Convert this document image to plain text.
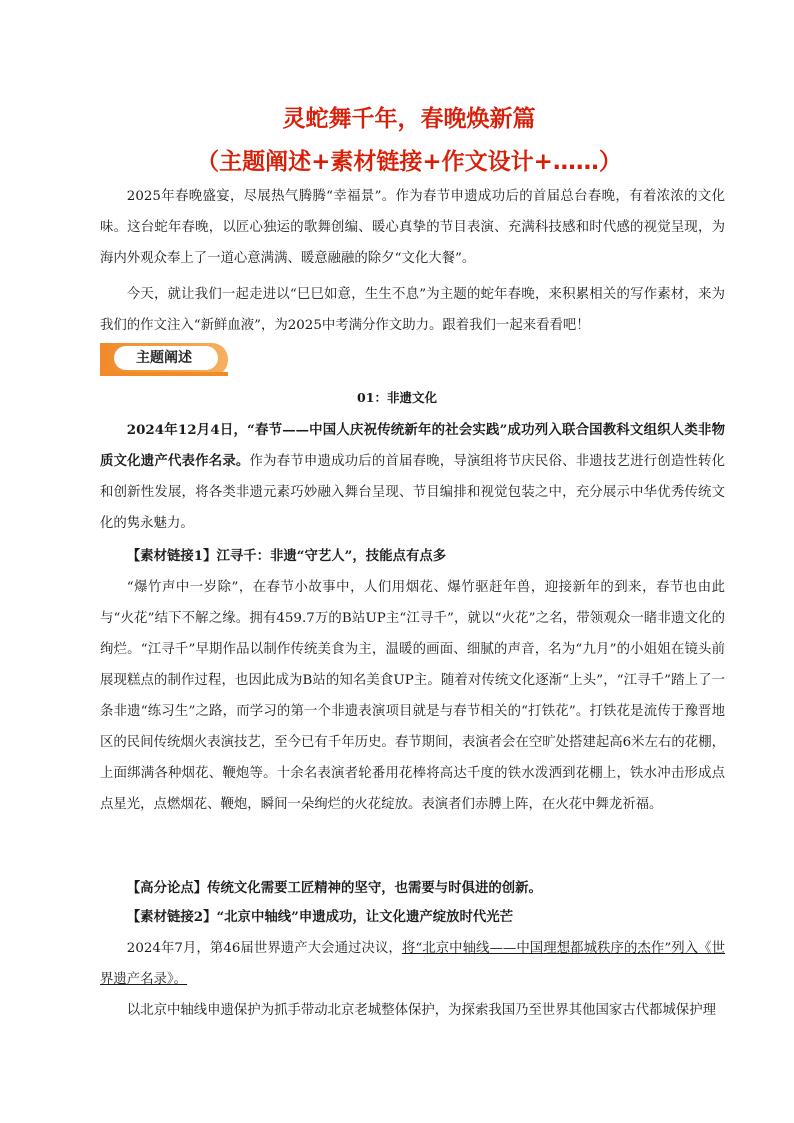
灵蛇舞千年，春晚焕新篇
（主题阐述+素材链接+作文设计+……）

2025年春晚盛宴，尽展热气腾腾“幸福景”。作为春节申遗成功后的首届总台春晚，有着浓浓的文化味。这台蛇年春晚，以匠心独运的歌舞创编、暖心真挚的节目表演、充满科技感和时代感的视觉呈现，为海内外观众奉上了一道心意满满、暖意融融的除夕“文化大餐”。

今天，就让我们一起走进以“巳巳如意，生生不息”为主题的蛇年春晚，来积累相关的写作素材，来为我们的作文注入“新鲜血液”，为2025中考满分作文助力。跟着我们一起来看看吧！

主题阐述
01：非遗文化

2024年12月4日，“春节——中国人庆祝传统新年的社会实践”成功列入联合国教科文组织人类非物质文化遗产代表作名录。作为春节申遗成功后的首届春晚，导演组将节庆民俗、非遗技艺进行创造性转化和创新性发展，将各类非遗元素巧妙融入舞台呈现、节目编排和视觉包装之中，充分展示中华优秀传统文化的隽永魅力。

【素材链接1】江寻千：非遗“守艺人”，技能点有点多

“爆竹声中一岁除”，在春节小故事中，人们用烟花、爆竹驱赶年兽，迎接新年的到来，春节也由此与“火花”结下不解之缘。拥有459.7万的B站UP主“江寻千”，就以“火花”之名，带领观众一睹非遗文化的绚烂。“江寻千”早期作品以制作传统美食为主，温暖的画面、细腻的声音，名为“九月”的小姐姐在镜头前展现糕点的制作过程，也因此成为B站的知名美食UP主。随着对传统文化逐渐“上头”，“江寻千”踏上了一条非遗“练习生”之路，而学习的第一个非遗表演项目就是与春节相关的“打铁花”。打铁花是流传于豫晋地区的民间传统烟火表演技艺，至今已有千年历史。春节期间，表演者会在空旷处搭建起高6米左右的花棚，上面绑满各种烟花、鞭炮等。十余名表演者轮番用花棒将高达千度的铁水泼洒到花棚上，铁水冲击形成点点星光，点燃烟花、鞭炮，瞬间一朵绚烂的火花绽放。表演者们赤膊上阵，在火花中舞龙祈福。

【高分论点】传统文化需要工匠精神的坚守，也需要与时俱进的创新。

【素材链接2】“北京中轴线”申遗成功，让文化遗产绽放时代光芒

2024年7月，第46届世界遗产大会通过决议，将“北京中轴线——中国理想都城秩序的杰作”列入《世界遗产名录》。

以北京中轴线申遗保护为抓手带动北京老城整体保护，为探索我国乃至世界其他国家古代都城保护理
